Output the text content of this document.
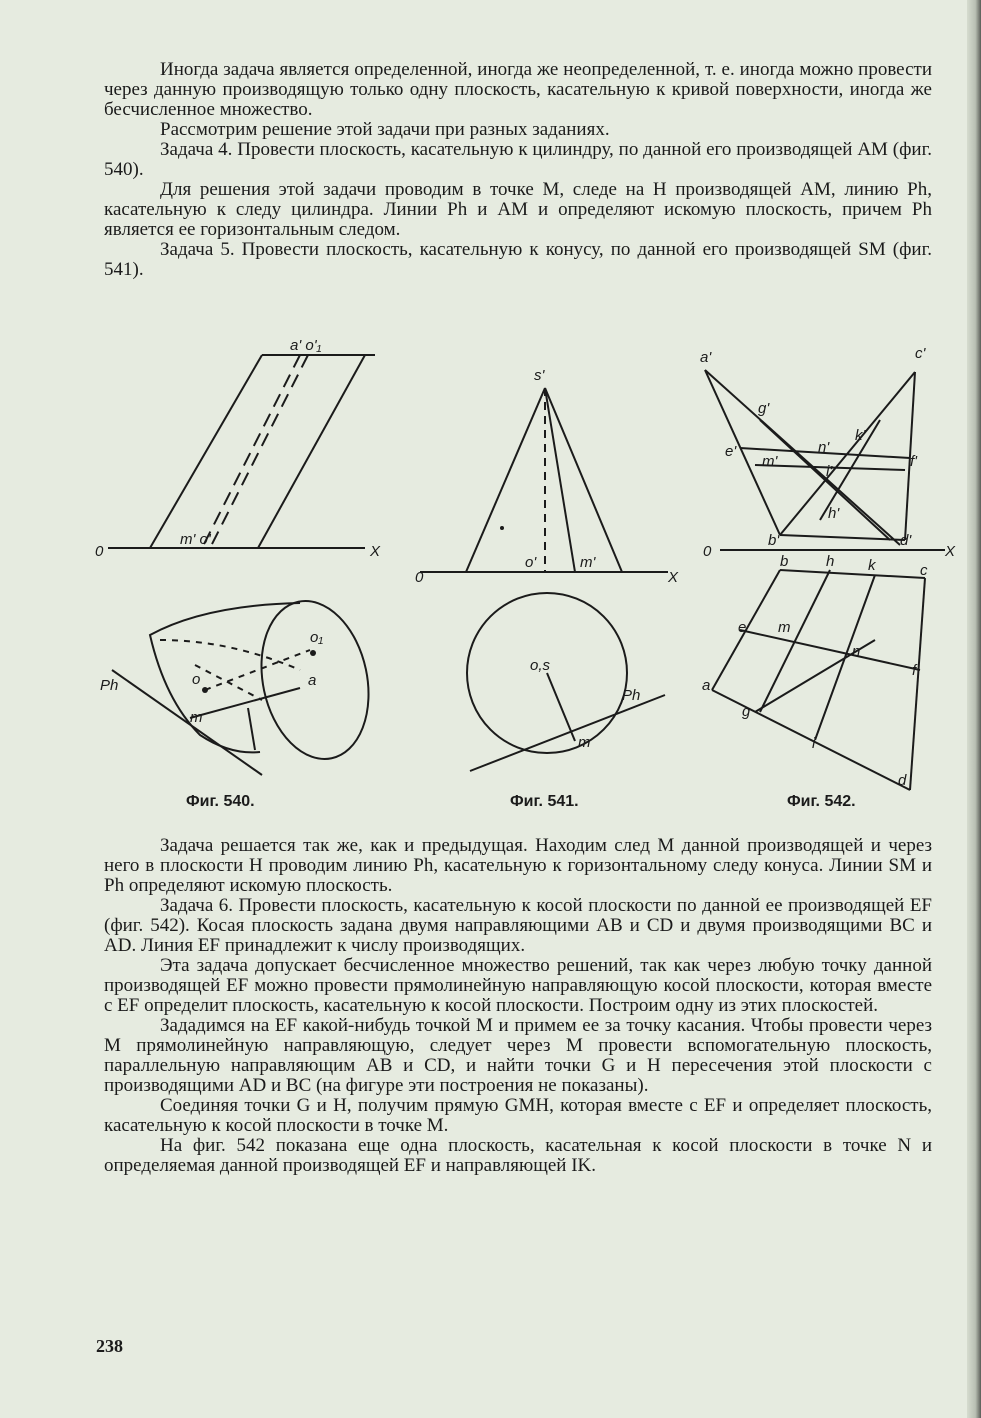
Иногда задача является определенной, иногда же неопределенной, т. е. иногда можно провести через данную производящую только одну плоскость, касательную к кривой поверхности, иногда же бесчисленное множество.

Рассмотрим решение этой задачи при разных заданиях.

Задача 4. Провести плоскость, касательную к цилиндру, по данной его производящей AM (фиг. 540).

Для решения этой задачи проводим в точке M, следе на H производящей AM, линию Ph, касательную к следу цилиндра. Линии Ph и AM и определяют искомую плоскость, причем Ph является ее горизонтальным следом.

Задача 5. Провести плоскость, касательную к конусу, по данной его производящей SM (фиг. 541).

a' o'₁
0	X
m' o'
Ph
o₁
o	a
m
s'
0	X
o'	m'
o,s
Ph
m
a'	c'
g'
k'
e'	n'
m'
i'
f'
h'
b'	d'
0	X
b	h k	c
e m
n
f
a
g
i
d
Фиг. 540.	Фиг. 541.	Фиг. 542.

Задача решается так же, как и предыдущая. Находим след M данной производящей и через него в плоскости H проводим линию Ph, касательную к горизонтальному следу конуса. Линии SM и Ph определяют искомую плоскость.

Задача 6. Провести плоскость, касательную к косой плоскости по данной ее производящей EF (фиг. 542). Косая плоскость задана двумя направляющими AB и CD и двумя производящими BC и AD. Линия EF принадлежит к числу производящих.

Эта задача допускает бесчисленное множество решений, так как через любую точку данной производящей EF можно провести прямолинейную направляющую косой плоскости, которая вместе с EF определит плоскость, касательную к косой плоскости. Построим одну из этих плоскостей.

Зададимся на EF какой-нибудь точкой M и примем ее за точку касания. Чтобы провести через M прямолинейную направляющую, следует через M провести вспомогательную плоскость, параллельную направляющим AB и CD, и найти точки G и H пересечения этой плоскости с производящими AD и BC (на фигуре эти построения не показаны).

Соединяя точки G и H, получим прямую GMH, которая вместе с EF и определяет плоскость, касательную к косой плоскости в точке M.

На фиг. 542 показана еще одна плоскость, касательная к косой плоскости в точке N и определяемая данной производящей EF и направляющей IK.

238
